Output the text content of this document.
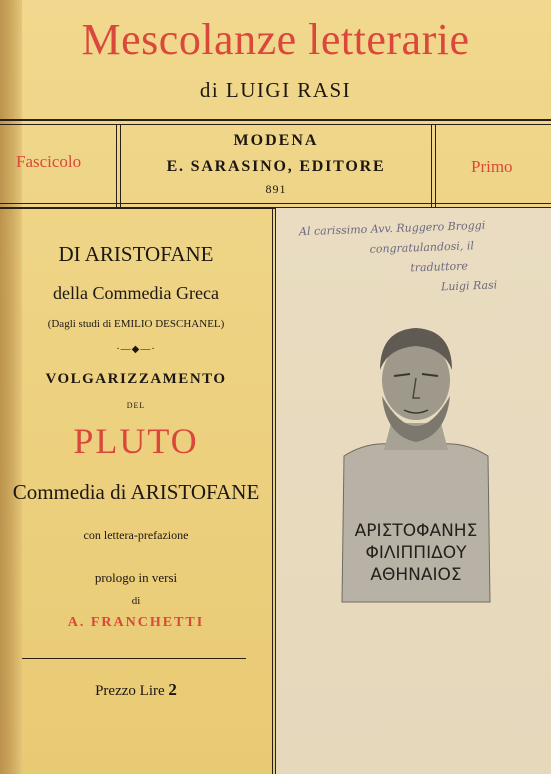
Mescolanze letterarie
di LUIGI RASI
Fascicolo
MODENA
E. SARASINO, EDITORE
891
Primo
DI ARISTOFANE
della Commedia Greca
(Dagli studi di EMILIO DESCHANEL)
·—◆—·
VOLGARIZZAMENTO
DEL
PLUTO
Commedia di ARISTOFANE
con lettera-prefazione
prologo in versi
di
A. FRANCHETTI
Prezzo Lire 2
Al carissimo Avv. Ruggero Broggi
congratulandosi, il
traduttore
Luigi Rasi
ΑΡΙΣΤΟΦΑΝΗΣ
ΦΙΛΙΠΠΙΔΟΥ
ΑΘΗΝΑΙΟΣ
